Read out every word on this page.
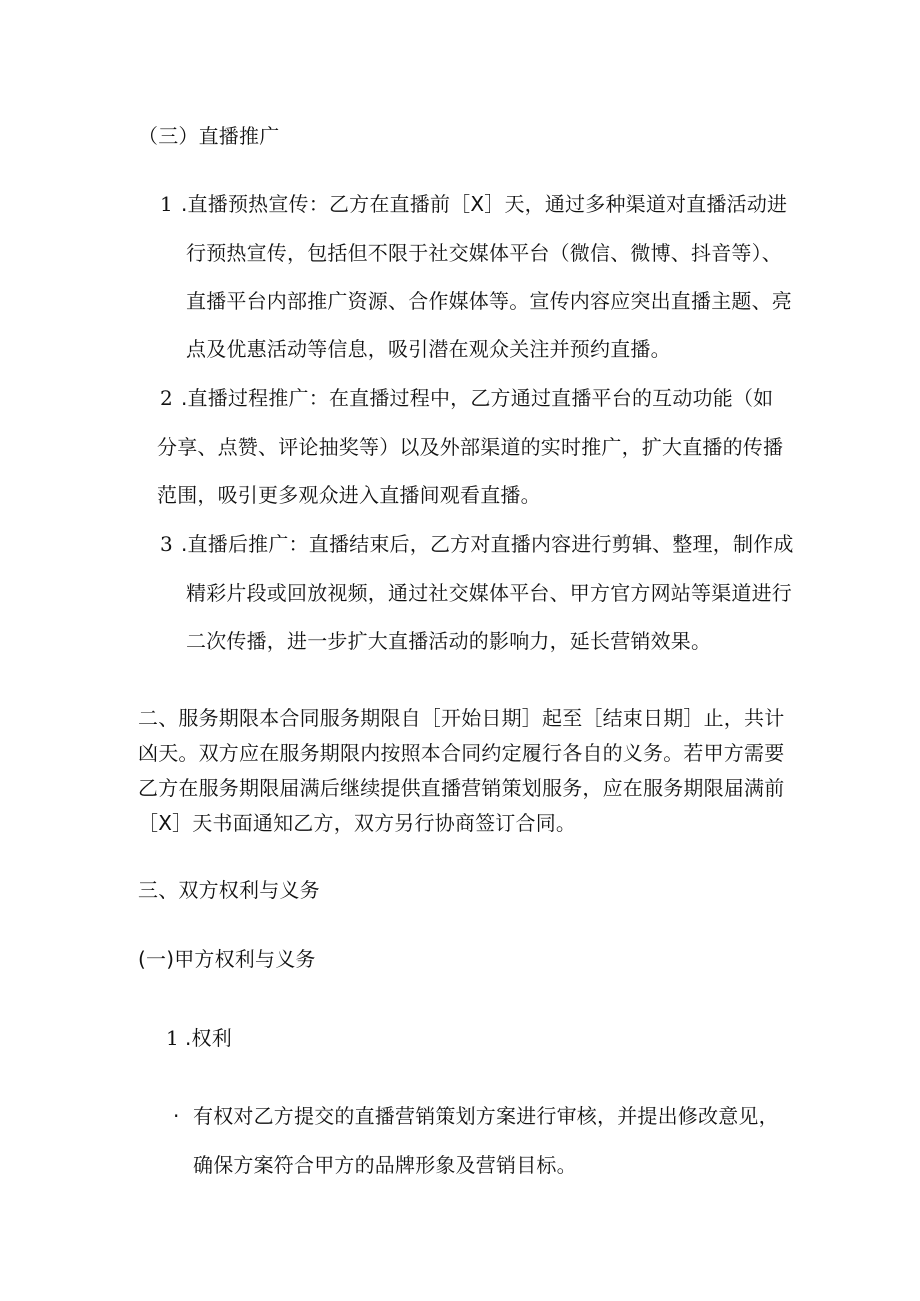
（三）直播推广
1 .直播预热宣传：乙方在直播前［X］天，通过多种渠道对直播活动进
行预热宣传，包括但不限于社交媒体平台（微信、微博、抖音等）、
直播平台内部推广资源、合作媒体等。宣传内容应突出直播主题、亮
点及优惠活动等信息，吸引潜在观众关注并预约直播。
2 .直播过程推广：在直播过程中，乙方通过直播平台的互动功能（如
分享、点赞、评论抽奖等）以及外部渠道的实时推广，扩大直播的传播
范围，吸引更多观众进入直播间观看直播。
3 .直播后推广：直播结束后，乙方对直播内容进行剪辑、整理，制作成
精彩片段或回放视频，通过社交媒体平台、甲方官方网站等渠道进行
二次传播，进一步扩大直播活动的影响力，延长营销效果。
二、服务期限本合同服务期限自［开始日期］起至［结束日期］止，共计
凶天。双方应在服务期限内按照本合同约定履行各自的义务。若甲方需要
乙方在服务期限届满后继续提供直播营销策划服务，应在服务期限届满前
［X］天书面通知乙方，双方另行协商签订合同。
三、双方权利与义务
(一)甲方权利与义务
1 .权利
· 有权对乙方提交的直播营销策划方案进行审核，并提出修改意见，
确保方案符合甲方的品牌形象及营销目标。
